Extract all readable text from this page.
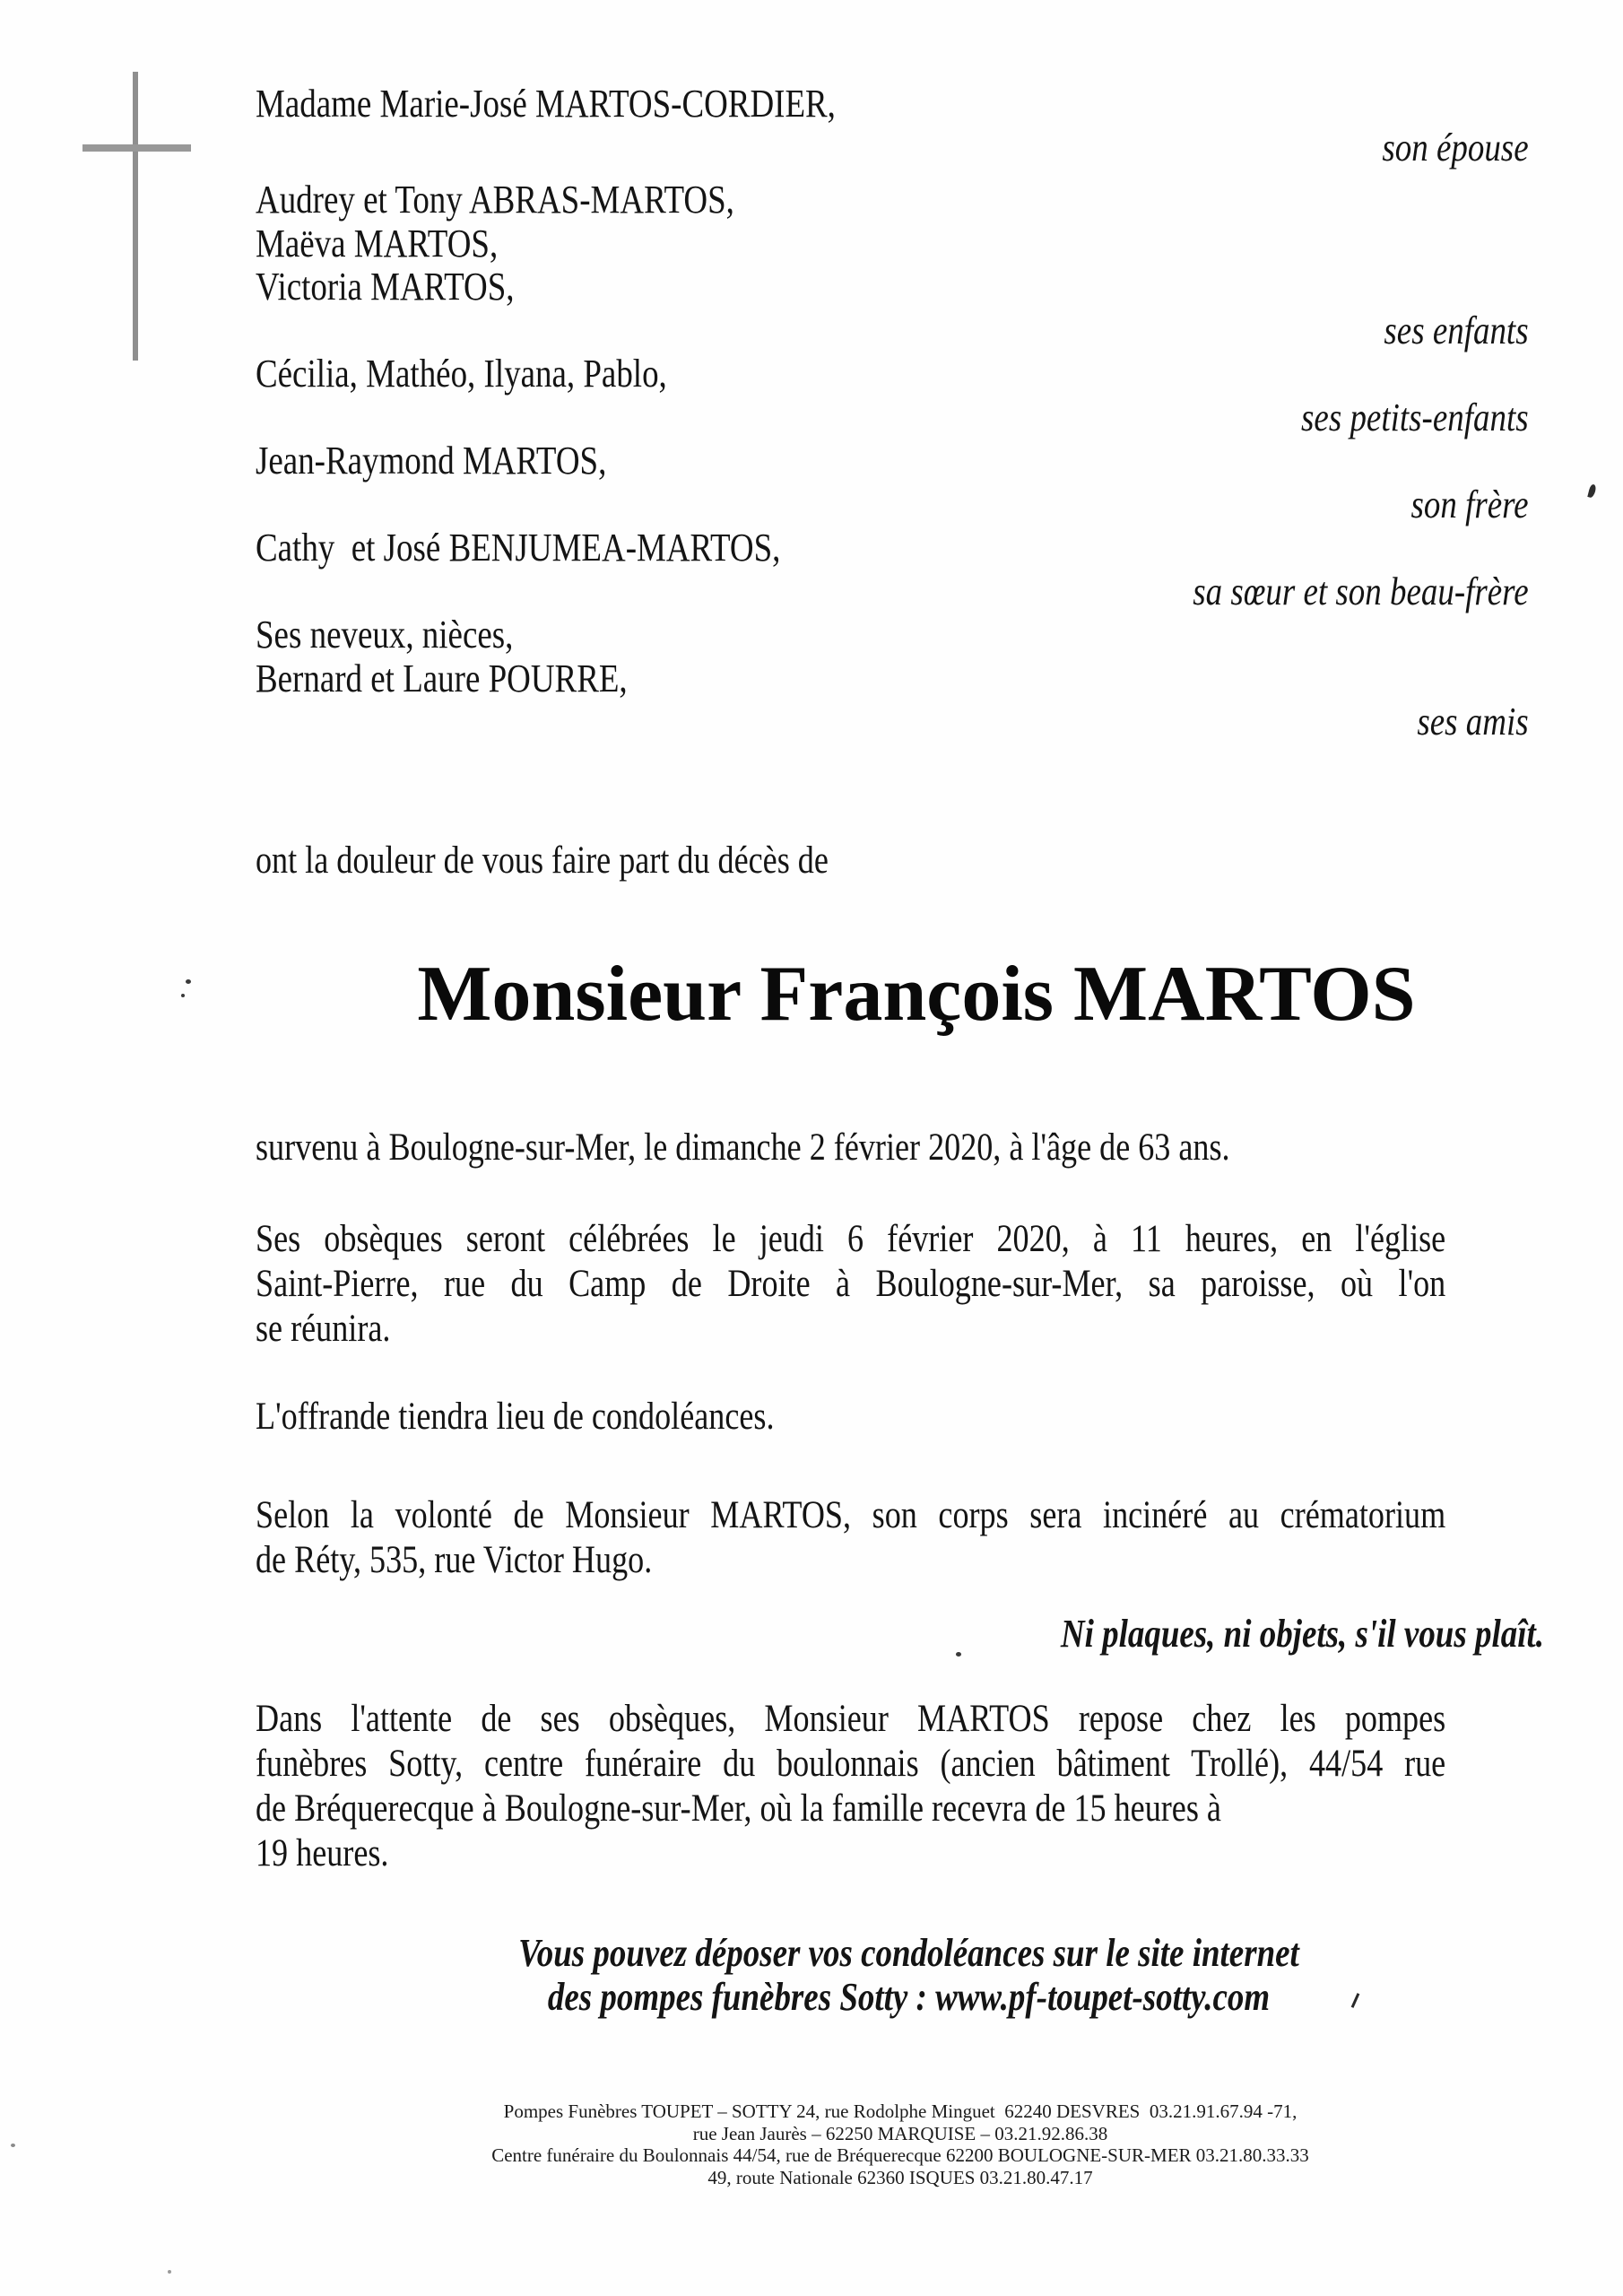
Madame Marie-José MARTOS-CORDIER,
son épouse
Audrey et Tony ABRAS-MARTOS,
Maëva MARTOS,
Victoria MARTOS,
ses enfants
Cécilia, Mathéo, Ilyana, Pablo,
ses petits-enfants
Jean-Raymond MARTOS,
son frère
Cathy  et José BENJUMEA-MARTOS,
sa sœur et son beau-frère
Ses neveux, nièces,
Bernard et Laure POURRE,
ses amis
ont la douleur de vous faire part du décès de
Monsieur François MARTOS
survenu à Boulogne-sur-Mer, le dimanche 2 février 2020, à l'âge de 63 ans.
Ses obsèques seront célébrées le jeudi 6 février 2020, à 11 heures, en l'église
Saint-Pierre, rue du Camp de Droite à Boulogne-sur-Mer, sa paroisse, où l'on
se réunira.
L'offrande tiendra lieu de condoléances.
Selon la volonté de Monsieur MARTOS, son corps sera incinéré au crématorium
de Réty, 535, rue Victor Hugo.
Ni plaques, ni objets, s'il vous plaît.
Dans l'attente de ses obsèques, Monsieur MARTOS repose chez les pompes
funèbres Sotty, centre funéraire du boulonnais (ancien bâtiment Trollé), 44/54 rue
de Bréquerecque à Boulogne-sur-Mer, où la famille recevra de 15 heures à
19 heures.
Vous pouvez déposer vos condoléances sur le site internet
des pompes funèbres Sotty : www.pf-toupet-sotty.com
Pompes Funèbres TOUPET – SOTTY 24, rue Rodolphe Minguet  62240 DESVRES  03.21.91.67.94 -71,
rue Jean Jaurès – 62250 MARQUISE – 03.21.92.86.38
Centre funéraire du Boulonnais 44/54, rue de Bréquerecque 62200 BOULOGNE-SUR-MER 03.21.80.33.33
49, route Nationale 62360 ISQUES 03.21.80.47.17
